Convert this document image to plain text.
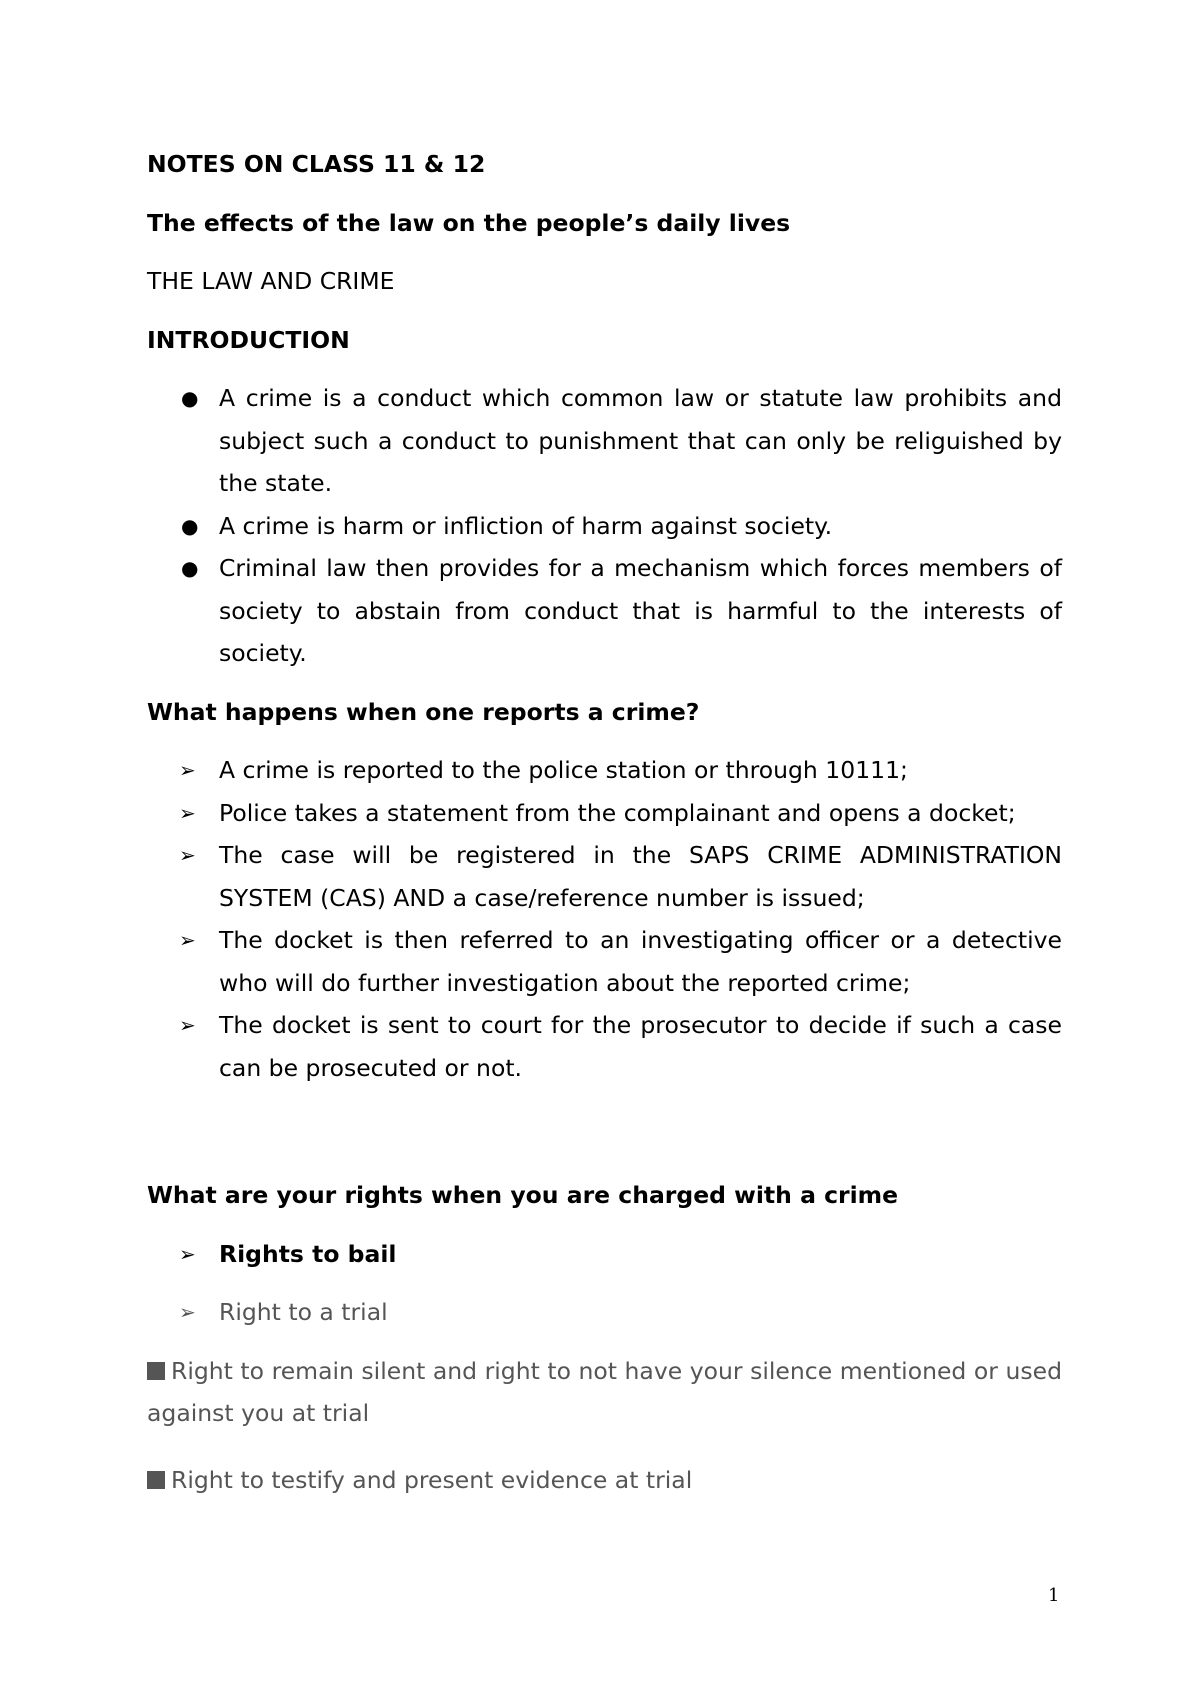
NOTES ON CLASS 11 & 12
The effects of the law on the people’s daily lives
THE LAW AND CRIME
INTRODUCTION
● A crime is a conduct which common law or statute law prohibits and subject such a conduct to punishment that can only be religuished by the state.
● A crime is harm or infliction of harm against society.
● Criminal law then provides for a mechanism which forces members of society to abstain from conduct that is harmful to the interests of society.
What happens when one reports a crime?
➢ A crime is reported to the police station or through 10111;
➢ Police takes a statement from the complainant and opens a docket;
➢ The case will be registered in the SAPS CRIME ADMINISTRATION SYSTEM (CAS) AND a case/reference number is issued;
➢ The docket is then referred to an investigating officer or a detective who will do further investigation about the reported crime;
➢ The docket is sent to court for the prosecutor to decide if such a case can be prosecuted or not.
What are your rights when you are charged with a crime
➢ Rights to bail
➢ Right to a trial

Right to remain silent and right to not have your silence mentioned or used against you at trial

Right to testify and present evidence at trial

1
